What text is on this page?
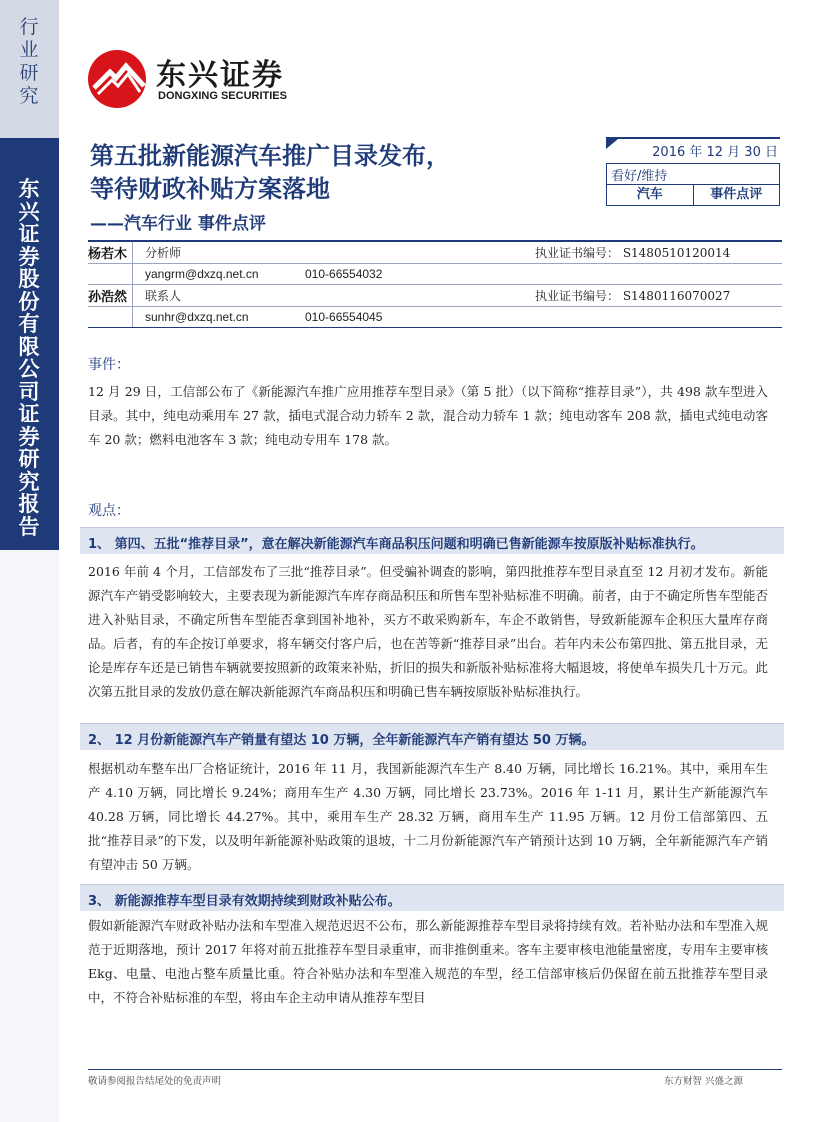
行业研究
东兴证券股份有限公司证券研究报告
东兴证券
DONGXING SECURITIES
第五批新能源汽车推广目录发布，
等待财政补贴方案落地
——汽车行业 事件点评
2016 年 12 月 30 日
看好/维持
汽车	事件点评
杨若木	分析师	执业证书编号： S1480510120014
yangrm@dxzq.net.cn	010-66554032
孙浩然	联系人	执业证书编号： S1480116070027
sunhr@dxzq.net.cn	010-66554045
事件：
12 月 29 日，工信部公布了《新能源汽车推广应用推荐车型目录》（第 5 批）（以下简称“推荐目录”），共 498 款车型进入目录。其中，纯电动乘用车 27 款，插电式混合动力轿车 2 款，混合动力轿车 1 款；纯电动客车 208 款，插电式纯电动客车 20 款；燃料电池客车 3 款；纯电动专用车 178 款。
观点：
1、 第四、五批“推荐目录”，意在解决新能源汽车商品积压问题和明确已售新能源车按原版补贴标准执行。
2016 年前 4 个月，工信部发布了三批“推荐目录”。但受骗补调查的影响，第四批推荐车型目录直至 12 月初才发布。新能源汽车产销受影响较大，主要表现为新能源汽车库存商品积压和所售车型补贴标准不明确。前者，由于不确定所售车型能否进入补贴目录，不确定所售车型能否拿到国补地补，买方不敢采购新车，车企不敢销售，导致新能源车企积压大量库存商品。后者，有的车企按订单要求，将车辆交付客户后，也在苦等新“推荐目录”出台。若年内未公布第四批、第五批目录，无论是库存车还是已销售车辆就要按照新的政策来补贴，折旧的损失和新版补贴标准将大幅退坡，将使单车损失几十万元。此次第五批目录的发放仍意在解决新能源汽车商品积压和明确已售车辆按原版补贴标准执行。
2、 12 月份新能源汽车产销量有望达 10 万辆，全年新能源汽车产销有望达 50 万辆。
根据机动车整车出厂合格证统计，2016 年 11 月，我国新能源汽车生产 8.40 万辆，同比增长 16.21%。其中，乘用车生产 4.10 万辆，同比增长 9.24%；商用车生产 4.30 万辆，同比增长 23.73%。2016 年 1-11 月，累计生产新能源汽车 40.28 万辆，同比增长 44.27%。其中，乘用车生产 28.32 万辆，商用车生产 11.95 万辆。12 月份工信部第四、五批“推荐目录”的下发，以及明年新能源补贴政策的退坡，十二月份新能源汽车产销预计达到 10 万辆，全年新能源汽车产销有望冲击 50 万辆。
3、 新能源推荐车型目录有效期持续到财政补贴公布。
假如新能源汽车财政补贴办法和车型准入规范迟迟不公布，那么新能源推荐车型目录将持续有效。若补贴办法和车型准入规范于近期落地，预计 2017 年将对前五批推荐车型目录重审，而非推倒重来。客车主要审核电池能量密度，专用车主要审核 Ekg、电量、电池占整车质量比重。符合补贴办法和车型准入规范的车型，经工信部审核后仍保留在前五批推荐车型目录中，不符合补贴标准的车型，将由车企主动申请从推荐车型目
敬请参阅报告结尾处的免责声明	东方财智 兴盛之源
